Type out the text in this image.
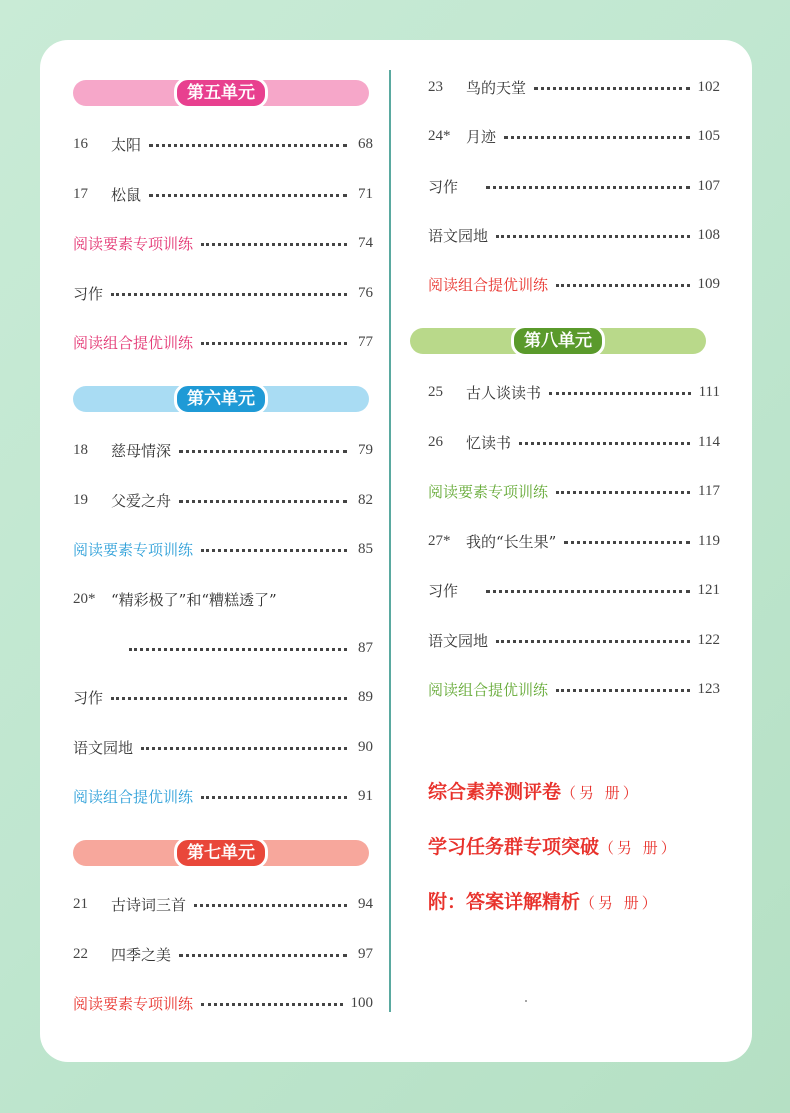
第五单元
16	太阳	68
17	松鼠	71
阅读要素专项训练	74
习作	76
阅读组合提优训练	77
第六单元
18	慈母情深	79
19	父爱之舟	82
阅读要素专项训练	85
20*	“精彩极了”和“糟糕透了”
87
习作	89
语文园地	90
阅读组合提优训练	91
第七单元
21	古诗词三首	94
22	四季之美	97
阅读要素专项训练	100
23	鸟的天堂	102
24*	月迹	105
习作	107
语文园地	108
阅读组合提优训练	109
第八单元
25	古人谈读书	111
26	忆读书	114
阅读要素专项训练	117
27*	我的“长生果”	119
习作	121
语文园地	122
阅读组合提优训练	123
综合素养测评卷（另 册）
学习任务群专项突破（另 册）
附：答案详解精析（另 册）
